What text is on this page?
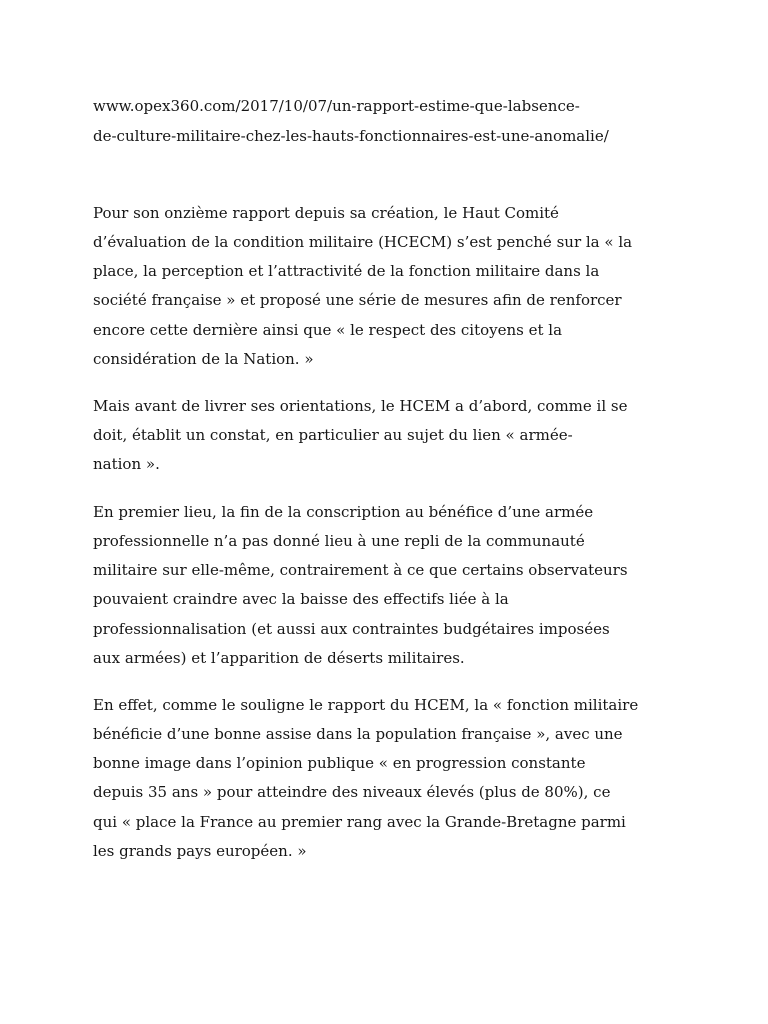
www.opex360.com/2017/10/07/un-rapport-estime-que-labsence-
de-culture-militaire-chez-les-hauts-fonctionnaires-est-une-anomalie/
Pour son onzième rapport depuis sa création, le Haut Comité
d’évaluation de la condition militaire (HCECM) s’est penché sur la « la
place, la perception et l’attractivité de la fonction militaire dans la
société française » et proposé une série de mesures afin de renforcer
encore cette dernière ainsi que « le respect des citoyens et la
considération de la Nation. »
Mais avant de livrer ses orientations, le HCEM a d’abord, comme il se
doit, établit un constat, en particulier au sujet du lien « armée-
nation ».
En premier lieu, la fin de la conscription au bénéfice d’une armée
professionnelle n’a pas donné lieu à une repli de la communauté
militaire sur elle-même, contrairement à ce que certains observateurs
pouvaient craindre avec la baisse des effectifs liée à la
professionnalisation (et aussi aux contraintes budgétaires imposées
aux armées) et l’apparition de déserts militaires.
En effet, comme le souligne le rapport du HCEM, la « fonction militaire
bénéficie d’une bonne assise dans la population française », avec une
bonne image dans l’opinion publique « en progression constante
depuis 35 ans » pour atteindre des niveaux élevés (plus de 80%), ce
qui « place la France au premier rang avec la Grande-Bretagne parmi
les grands pays européen. »
